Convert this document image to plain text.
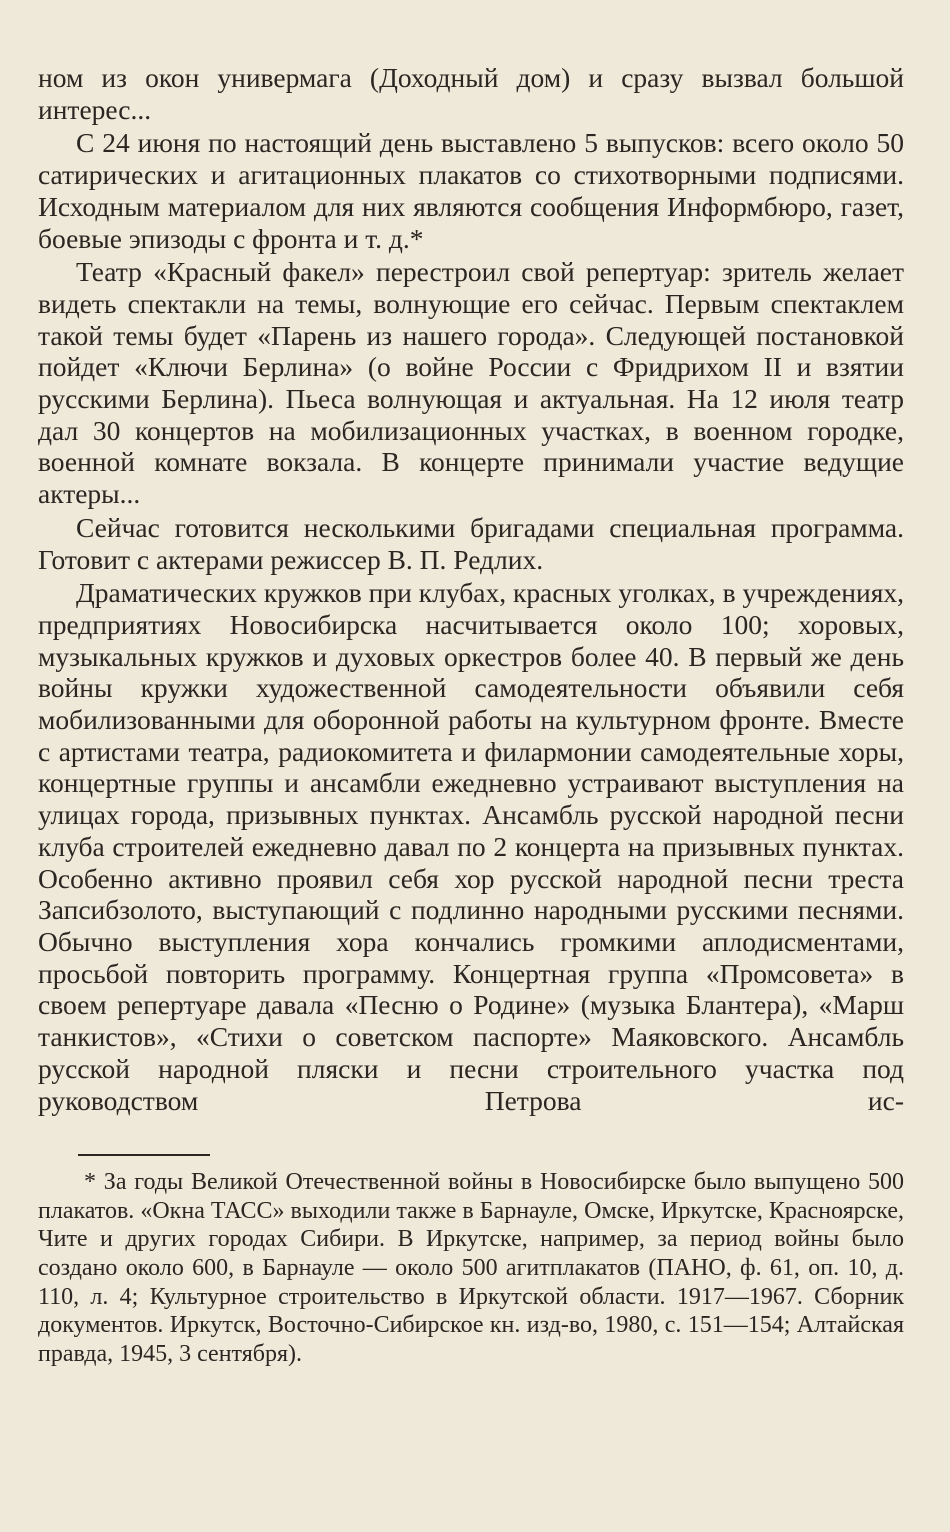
ном из окон универмага (Доходный дом) и сразу вызвал большой интерес...

С 24 июня по настоящий день выставлено 5 выпусков: всего около 50 сатирических и агитационных плакатов со стихотворными подписями. Исходным материалом для них являются сообщения Информбюро, газет, боевые эпизоды с фронта и т. д.*

Театр «Красный факел» перестроил свой репертуар: зритель желает видеть спектакли на темы, волнующие его сейчас. Первым спектаклем такой темы будет «Парень из нашего города». Следующей постановкой пойдет «Ключи Берлина» (о войне России с Фридрихом II и взятии русскими Берлина). Пьеса волнующая и актуальная. На 12 июля театр дал 30 концертов на мобилизационных участках, в военном городке, военной комнате вокзала. В концерте принимали участие ведущие актеры...

Сейчас готовится несколькими бригадами специальная программа. Готовит с актерами режиссер В. П. Редлих.

Драматических кружков при клубах, красных уголках, в учреждениях, предприятиях Новосибирска насчитывается около 100; хоровых, музыкальных кружков и духовых оркестров более 40. В первый же день войны кружки художественной самодеятельности объявили себя мобилизованными для оборонной работы на культурном фронте. Вместе с артистами театра, радиокомитета и филармонии самодеятельные хоры, концертные группы и ансамбли ежедневно устраивают выступления на улицах города, призывных пунктах. Ансамбль русской народной песни клуба строителей ежедневно давал по 2 концерта на призывных пунктах. Особенно активно проявил себя хор русской народной песни треста Запсибзолото, выступающий с подлинно народными русскими песнями. Обычно выступления хора кончались громкими аплодисментами, просьбой повторить программу. Концертная группа «Промсовета» в своем репертуаре давала «Песню о Родине» (музыка Блантера), «Марш танкистов», «Стихи о советском паспорте» Маяковского. Ансамбль русской народной пляски и песни строительного участка под руководством Петрова ис-

* За годы Великой Отечественной войны в Новосибирске было выпущено 500 плакатов. «Окна ТАСС» выходили также в Барнауле, Омске, Иркутске, Красноярске, Чите и других городах Сибири. В Иркутске, например, за период войны было создано около 600, в Барнауле — около 500 агитплакатов (ПАНО, ф. 61, оп. 10, д. 110, л. 4; Культурное строительство в Иркутской области. 1917—1967. Сборник документов. Иркутск, Восточно-Сибирское кн. изд-во, 1980, с. 151—154; Алтайская правда, 1945, 3 сентября).
